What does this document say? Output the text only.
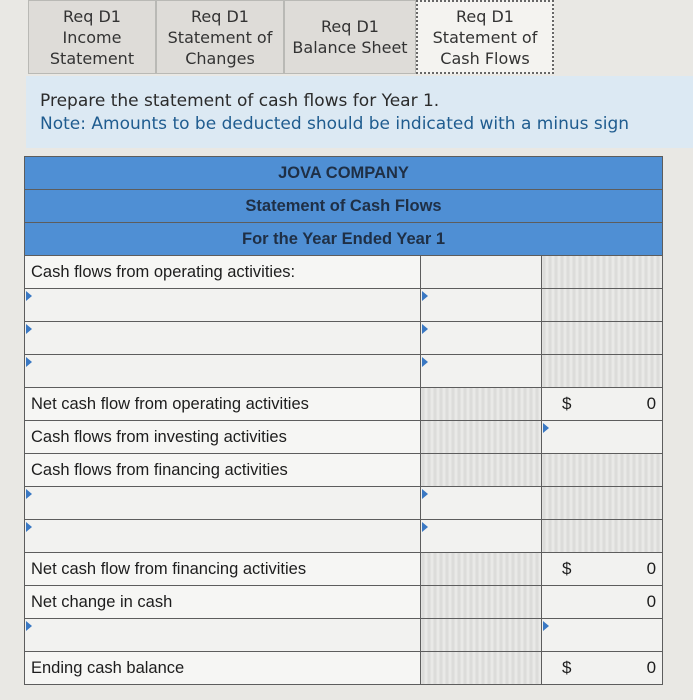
Req D1
Income
Statement
Req D1
Statement of
Changes
Req D1
Balance Sheet
Req D1
Statement of
Cash Flows
Prepare the statement of cash flows for Year 1.
Note: Amounts to be deducted should be indicated with a minus sign
JOVA COMPANY		
Statement of Cash Flows		
For the Year Ended Year 1		
Cash flows from operating activities:		

Net cash flow from operating activities		$ 0

Cash flows from investing activities		
Cash flows from financing activities		

Net cash flow from financing activities		$ 0

Net change in cash		0

Ending cash balance		$ 0
